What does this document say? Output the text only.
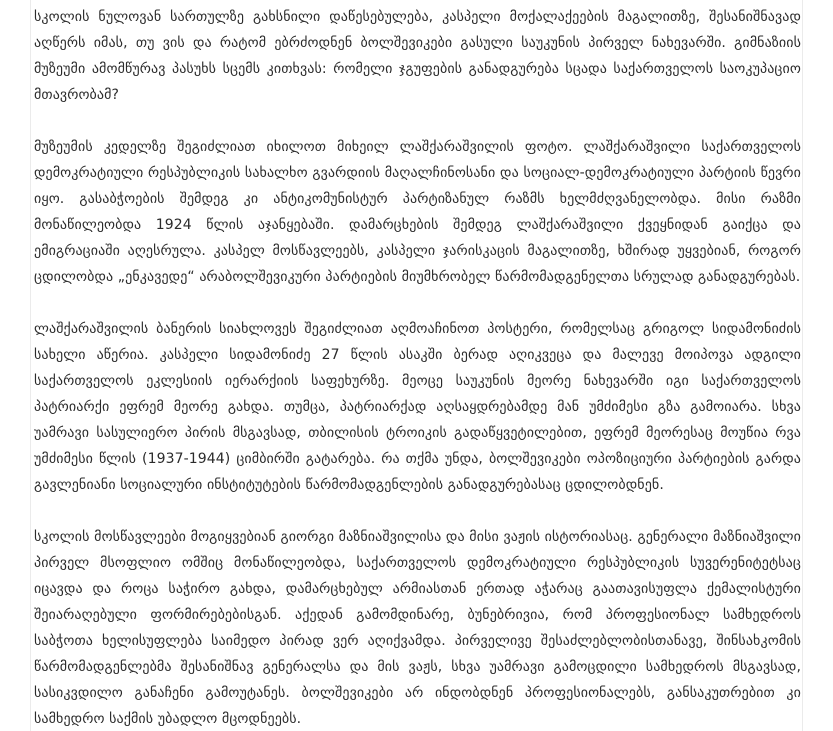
სკოლის ნულოვან სართულზე გახსნილი დაწესებულება, კასპელი მოქალაქეების მაგალითზე, შესანიშნავად აღწერს იმას, თუ ვის და რატომ ებრძოდნენ ბოლშევიკები გასული საუკუნის პირველ ნახევარში. გიმნაზიის მუზეუმი ამომწურავ პასუხს სცემს კითხვას: რომელი ჯგუფების განადგურება სცადა საქართველოს საოკუპაციო მთავრობამ?

მუზეუმის კედელზე შეგიძლიათ იხილოთ მიხეილ ლაშქარაშვილის ფოტო. ლაშქარაშვილი საქართველოს დემოკრატიული რესპუბლიკის სახალხო გვარდიის მაღალჩინოსანი და სოციალ-დემოკრატიული პარტიის წევრი იყო. გასაბჭოების შემდეგ კი ანტიკომუნისტურ პარტიზანულ რაზმს ხელმძღვანელობდა. მისი რაზმი მონაწილეობდა 1924 წლის აჯანყებაში. დამარცხების შემდეგ ლაშქარაშვილი ქვეყნიდან გაიქცა და ემიგრაციაში აღესრულა. კასპელ მოსწავლეებს, კასპელი ჯარისკაცის მაგალითზე, ხშირად უყვებიან, როგორ ცდილობდა „ენკავედე“ არაბოლშევიკური პარტიების მიუმხრობელ წარმომადგენელთა სრულად განადგურებას.

ლაშქარაშვილის ბანერის სიახლოვეს შეგიძლიათ აღმოაჩინოთ პოსტერი, რომელსაც გრიგოლ სიდამონიძის სახელი აწერია. კასპელი სიდამონიძე 27 წლის ასაკში ბერად აღიკვეცა და მალევე მოიპოვა ადგილი საქართველოს ეკლესიის იერარქიის საფეხურზე. მეოცე საუკუნის მეორე ნახევარში იგი საქართველოს პატრიარქი ეფრემ მეორე გახდა. თუმცა, პატრიარქად აღსაყდრებამდე მან უმძიმესი გზა გამოიარა. სხვა უამრავი სასულიერო პირის მსგავსად, თბილისის ტროიკის გადაწყვეტილებით, ეფრემ მეორესაც მოუწია რვა უმძიმესი წლის (1937-1944) ციმბირში გატარება. რა თქმა უნდა, ბოლშევიკები ოპოზიციური პარტიების გარდა გავლენიანი სოციალური ინსტიტუტების წარმომადგენლების განადგურებასაც ცდილობდნენ.

სკოლის მოსწავლეები მოგიყვებიან გიორგი მაზნიაშვილისა და მისი ვაჟის ისტორიასაც. გენერალი მაზნიაშვილი პირველ მსოფლიო ომშიც მონაწილეობდა, საქართველოს დემოკრატიული რესპუბლიკის სუვერენიტეტსაც იცავდა და როცა საჭირო გახდა, დამარცხებულ არმიასთან ერთად აჭარაც გაათავისუფლა ქემალისტური შეიარაღებული ფორმირებებისგან. აქედან გამომდინარე, ბუნებრივია, რომ პროფესიონალ სამხედროს საბჭოთა ხელისუფლება საიმედო პირად ვერ აღიქვამდა. პირველივე შესაძლებლობისთანავე, შინსახკომის წარმომადგენლებმა შესანიშნავ გენერალსა და მის ვაჟს, სხვა უამრავი გამოცდილი სამხედროს მსგავსად, სასიკვდილო განაჩენი გამოუტანეს. ბოლშევიკები არ ინდობდნენ პროფესიონალებს, განსაკუთრებით კი სამხედრო საქმის უბადლო მცოდნეებს.
